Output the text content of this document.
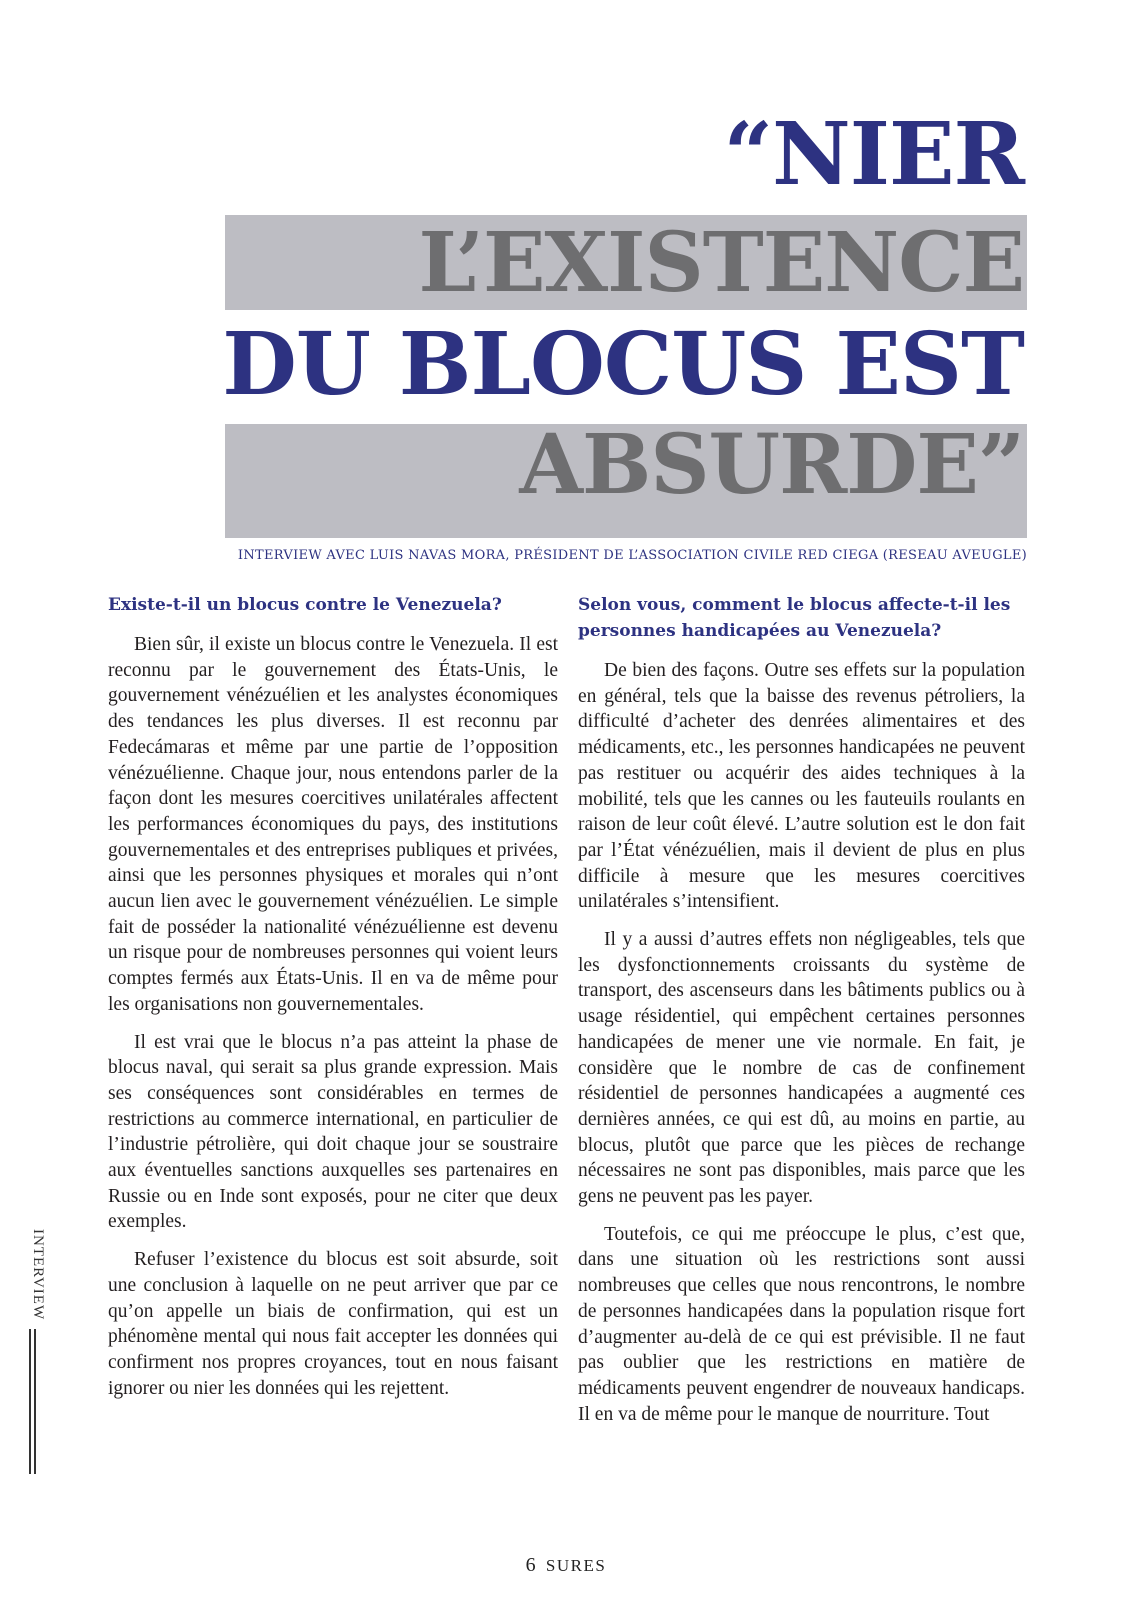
“NIER
L’EXISTENCE
DU BLOCUS EST
ABSURDE”
INTERVIEW AVEC LUIS NAVAS MORA, PRÉSIDENT DE L’ASSOCIATION CIVILE RED CIEGA (RESEAU AVEUGLE)
Existe-t-il un blocus contre le Venezuela?

Bien sûr, il existe un blocus contre le Venezuela. Il est reconnu par le gouvernement des États-Unis, le gouvernement vénézuélien et les analystes économiques des tendances les plus diverses. Il est reconnu par Fedecámaras et même par une partie de l’opposition vénézuélienne. Chaque jour, nous entendons parler de la façon dont les mesures coercitives unilatérales affectent les performances économiques du pays, des institutions gouvernementales et des entreprises publiques et privées, ainsi que les personnes physiques et morales qui n’ont aucun lien avec le gouvernement vénézuélien. Le simple fait de posséder la nationalité vénézuélienne est devenu un risque pour de nombreuses personnes qui voient leurs comptes fermés aux États-Unis. Il en va de même pour les organisations non gouvernementales.

Il est vrai que le blocus n’a pas atteint la phase de blocus naval, qui serait sa plus grande expression. Mais ses conséquences sont considérables en termes de restrictions au commerce international, en particulier de l’industrie pétrolière, qui doit chaque jour se soustraire aux éventuelles sanctions auxquelles ses partenaires en Russie ou en Inde sont exposés, pour ne citer que deux exemples.

Refuser l’existence du blocus est soit absurde, soit une conclusion à laquelle on ne peut arriver que par ce qu’on appelle un biais de confirmation, qui est un phénomène mental qui nous fait accepter les données qui confirment nos propres croyances, tout en nous faisant ignorer ou nier les données qui les rejettent.

Selon vous, comment le blocus affecte-t-il les personnes handicapées au Venezuela?

De bien des façons. Outre ses effets sur la population en général, tels que la baisse des revenus pétroliers, la difficulté d’acheter des denrées alimentaires et des médicaments, etc., les personnes handicapées ne peuvent pas restituer ou acquérir des aides techniques à la mobilité, tels que les cannes ou les fauteuils roulants en raison de leur coût élevé. L’autre solution est le don fait par l’État vénézuélien, mais il devient de plus en plus difficile à mesure que les mesures coercitives unilatérales s’intensifient.

Il y a aussi d’autres effets non négligeables, tels que les dysfonctionnements croissants du système de transport, des ascenseurs dans les bâtiments publics ou à usage résidentiel, qui empêchent certaines personnes handicapées de mener une vie normale. En fait, je considère que le nombre de cas de confinement résidentiel de personnes handicapées a augmenté ces dernières années, ce qui est dû, au moins en partie, au blocus, plutôt que parce que les pièces de rechange nécessaires ne sont pas disponibles, mais parce que les gens ne peuvent pas les payer.

Toutefois, ce qui me préoccupe le plus, c’est que, dans une situation où les restrictions sont aussi nombreuses que celles que nous rencontrons, le nombre de personnes handicapées dans la population risque fort d’augmenter au-delà de ce qui est prévisible. Il ne faut pas oublier que les restrictions en matière de médicaments peuvent engendrer de nouveaux handicaps. Il en va de même pour le manque de nourriture. Tout

INTERVIEW
6 SURES
